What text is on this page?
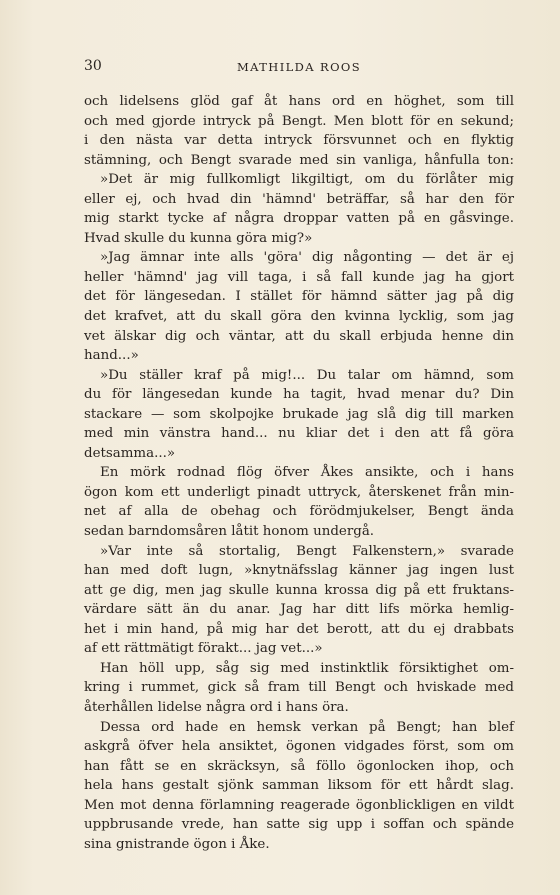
30	MATHILDA ROOS
och lidelsens glöd gaf åt hans ord en höghet, som till
och med gjorde intryck på Bengt. Men blott för en sekund;
i den nästa var detta intryck försvunnet och en flyktig
stämning, och Bengt svarade med sin vanliga, hånfulla ton:
»Det är mig fullkomligt likgiltigt, om du förlåter mig
eller ej, och hvad din 'hämnd' beträffar, så har den för
mig starkt tycke af några droppar vatten på en gåsvinge.
Hvad skulle du kunna göra mig?»
»Jag ämnar inte alls 'göra' dig någonting — det är ej
heller 'hämnd' jag vill taga, i så fall kunde jag ha gjort
det för längesedan. I stället för hämnd sätter jag på dig
det krafvet, att du skall göra den kvinna lycklig, som jag
vet älskar dig och väntar, att du skall erbjuda henne din
hand...»
»Du ställer kraf på mig!... Du talar om hämnd, som
du för längesedan kunde ha tagit, hvad menar du? Din
stackare — som skolpojke brukade jag slå dig till marken
med min vänstra hand... nu kliar det i den att få göra
detsamma...»
En mörk rodnad flög öfver Åkes ansikte, och i hans
ögon kom ett underligt pinadt uttryck, återskenet från min-
net af alla de obehag och förödmjukelser, Bengt ända
sedan barndomsåren låtit honom undergå.
»Var inte så stortalig, Bengt Falkenstern,» svarade
han med doft lugn, »knytnäfsslag känner jag ingen lust
att ge dig, men jag skulle kunna krossa dig på ett fruktans-
värdare sätt än du anar. Jag har ditt lifs mörka hemlig-
het i min hand, på mig har det berott, att du ej drabbats
af ett rättmätigt förakt... jag vet...»
Han höll upp, såg sig med instinktlik försiktighet om-
kring i rummet, gick så fram till Bengt och hviskade med
återhållen lidelse några ord i hans öra.
Dessa ord hade en hemsk verkan på Bengt; han blef
askgrå öfver hela ansiktet, ögonen vidgades först, som om
han fått se en skräcksyn, så föllo ögonlocken ihop, och
hela hans gestalt sjönk samman liksom för ett hårdt slag.
Men mot denna förlamning reagerade ögonblickligen en vildt
uppbrusande vrede, han satte sig upp i soffan och spände
sina gnistrande ögon i Åke.
